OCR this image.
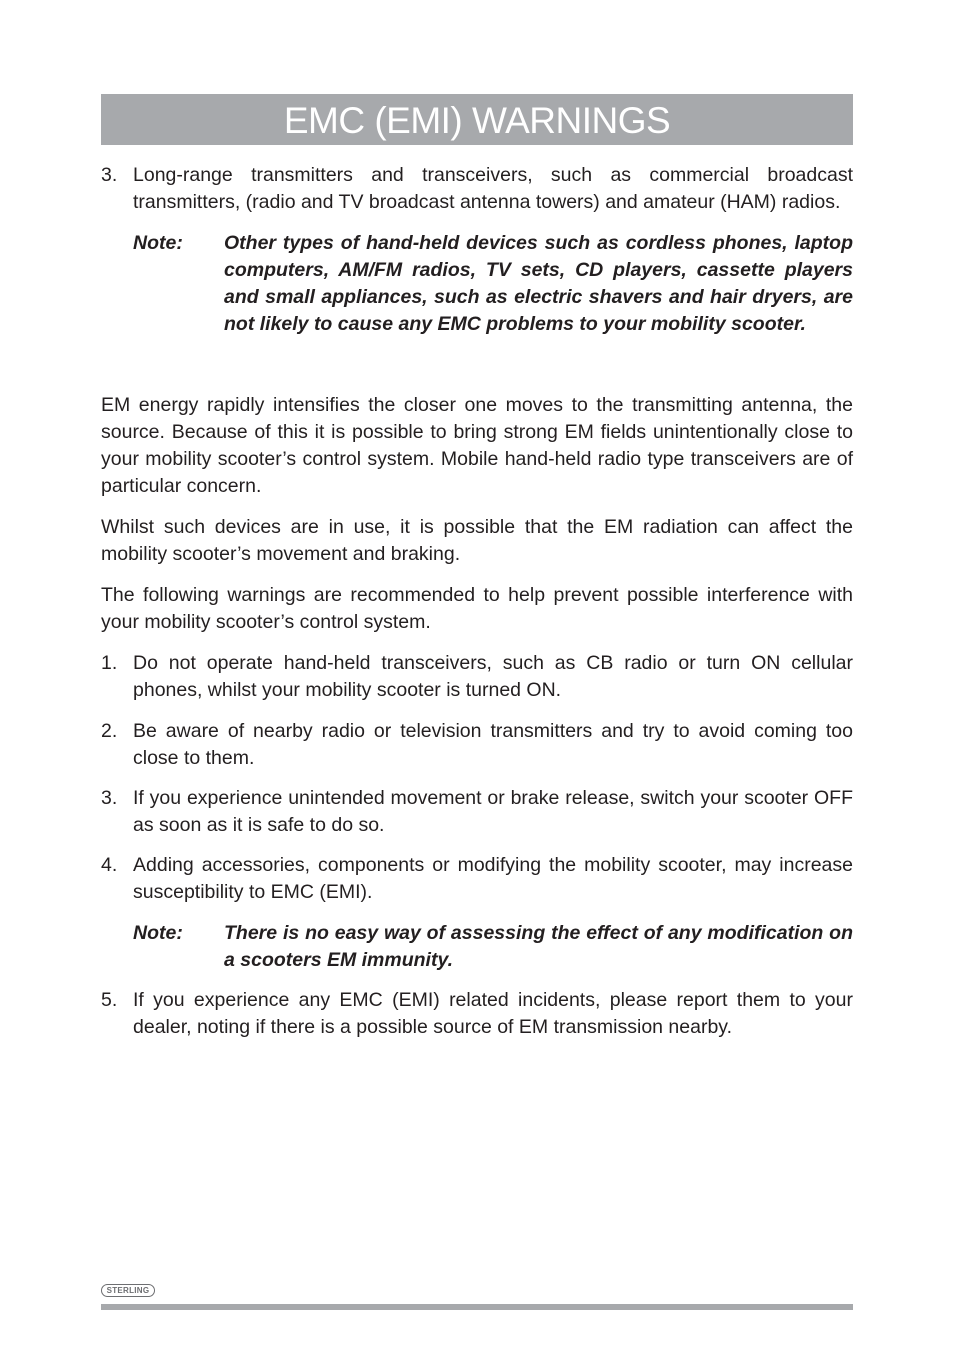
EMC (EMI) WARNINGS
3. Long-range transmitters and transceivers, such as commercial broadcast transmitters, (radio and TV broadcast antenna towers) and amateur (HAM) radios.
Note:	Other types of hand-held devices such as cordless phones, laptop computers, AM/FM radios, TV sets, CD players, cassette players and small appliances, such as electric shavers and hair dryers, are not likely to cause any EMC problems to your mobility scooter.

EM energy rapidly intensifies the closer one moves to the transmitting antenna, the source. Because of this it is possible to bring strong EM fields unintentionally close to your mobility scooter’s control system. Mobile hand-held radio type transceivers are of particular concern.

Whilst such devices are in use, it is possible that the EM radiation can affect the mobility scooter’s movement and braking.

The following warnings are recommended to help prevent possible interference with your mobility scooter’s control system.

1. Do not operate hand-held transceivers, such as CB radio or turn ON cellular phones, whilst your mobility scooter is turned ON.
2. Be aware of nearby radio or television transmitters and try to avoid coming too close to them.
3. If you experience unintended movement or brake release, switch your scooter OFF as soon as it is safe to do so.
4. Adding accessories, components or modifying the mobility scooter, may increase susceptibility to EMC (EMI).
Note:	There is no easy way of assessing the effect of any modification on a scooters EM immunity.
5. If you experience any EMC (EMI) related incidents, please report them to your dealer, noting if there is a possible source of EM transmission nearby.
STERLING
